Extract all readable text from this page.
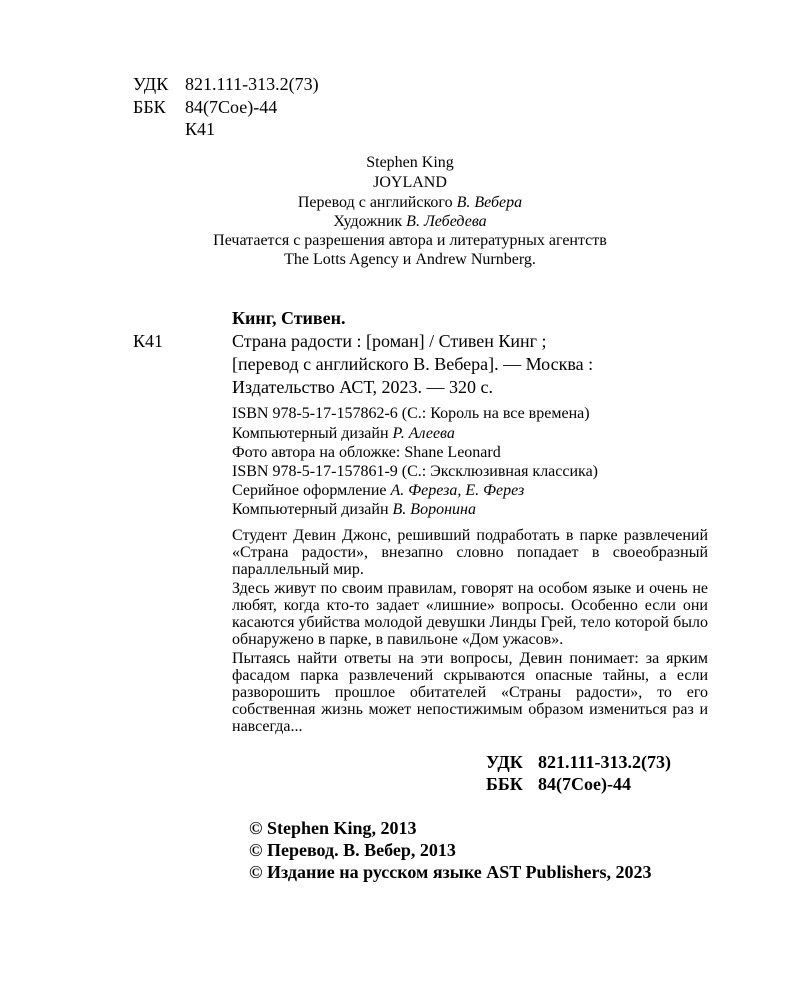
УДК 821.111-313.2(73)
ББК 84(7Сое)-44
К41
Stephen King
JOYLAND
Перевод с английского В. Вебера
Художник В. Лебедева
Печатается с разрешения автора и литературных агентств
The Lotts Agency и Andrew Nurnberg.
Кинг, Стивен.
К41	Страна радости : [роман] / Стивен Кинг ;
[перевод с английского В. Вебера]. — Москва :
Издательство АСТ, 2023. — 320 с.
ISBN 978-5-17-157862-6 (С.: Король на все времена)
Компьютерный дизайн Р. Алеева
Фото автора на обложке: Shane Leonard
ISBN 978-5-17-157861-9 (С.: Эксклюзивная классика)
Серийное оформление А. Фереза, Е. Ферез
Компьютерный дизайн В. Воронина

Студент Девин Джонс, решивший подработать в парке развлечений «Страна радости», внезапно словно попадает в своеобразный параллельный мир.

Здесь живут по своим правилам, говорят на особом языке и очень не любят, когда кто-то задает «лишние» вопросы. Особенно если они касаются убийства молодой девушки Линды Грей, тело которой было обнаружено в парке, в павильоне «Дом ужасов».

Пытаясь найти ответы на эти вопросы, Девин понимает: за ярким фасадом парка развлечений скрываются опасные тайны, а если разворошить прошлое обитателей «Страны радости», то его собственная жизнь может непостижимым образом измениться раз и навсегда...

УДК 821.111-313.2(73)
ББК 84(7Сое)-44
© Stephen King, 2013
© Перевод. В. Вебер, 2013
© Издание на русском языке AST Publishers, 2023
